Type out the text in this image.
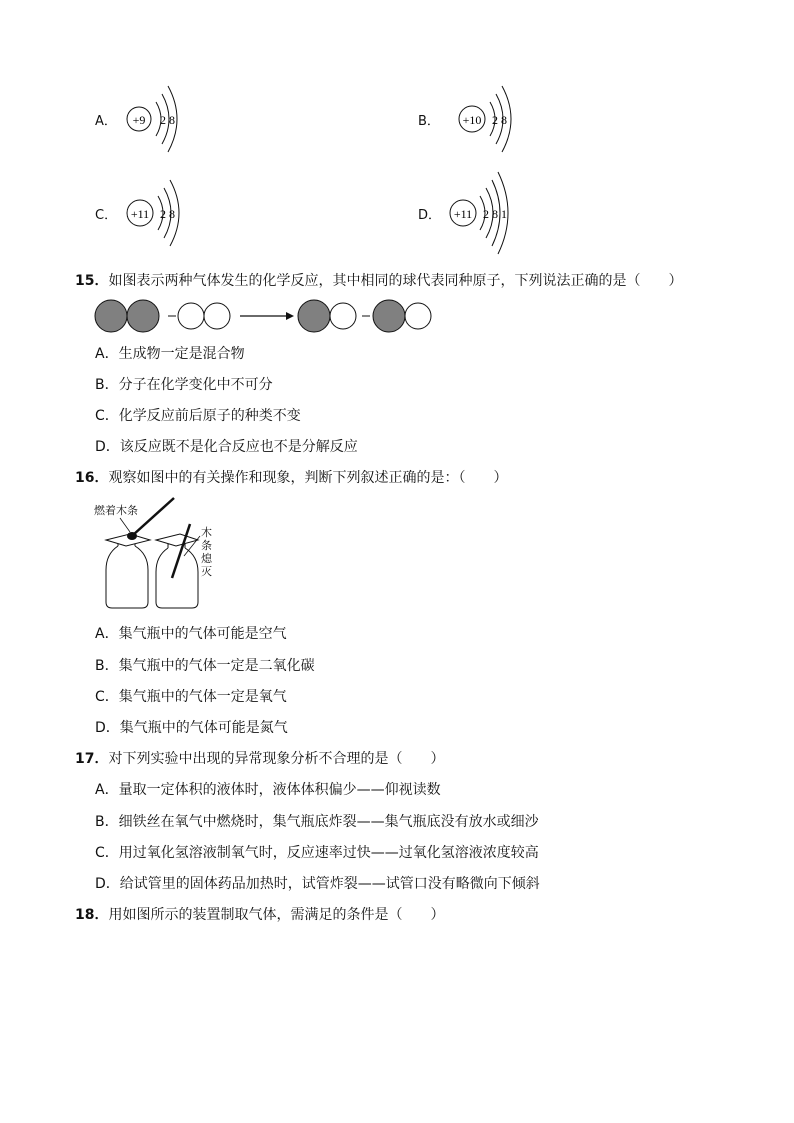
A． +9 2 8	B． +10 2 8
C． +11 2 8	D． +11 2 8 1
15．如图表示两种气体发生的化学反应，其中相同的球代表同种原子，下列说法正确的是（　　）
A．生成物一定是混合物
B．分子在化学变化中不可分
C．化学反应前后原子的种类不变
D．该反应既不是化合反应也不是分解反应
16．观察如图中的有关操作和现象，判断下列叙述正确的是：（　　）
燃着木条
木
条
熄
灭
A．集气瓶中的气体可能是空气
B．集气瓶中的气体一定是二氧化碳
C．集气瓶中的气体一定是氧气
D．集气瓶中的气体可能是氮气
17．对下列实验中出现的异常现象分析不合理的是（　　）
A．量取一定体积的液体时，液体体积偏少——仰视读数
B．细铁丝在氧气中燃烧时，集气瓶底炸裂——集气瓶底没有放水或细沙
C．用过氧化氢溶液制氧气时，反应速率过快——过氧化氢溶液浓度较高
D．给试管里的固体药品加热时，试管炸裂——试管口没有略微向下倾斜
18．用如图所示的装置制取气体，需满足的条件是（　　）
